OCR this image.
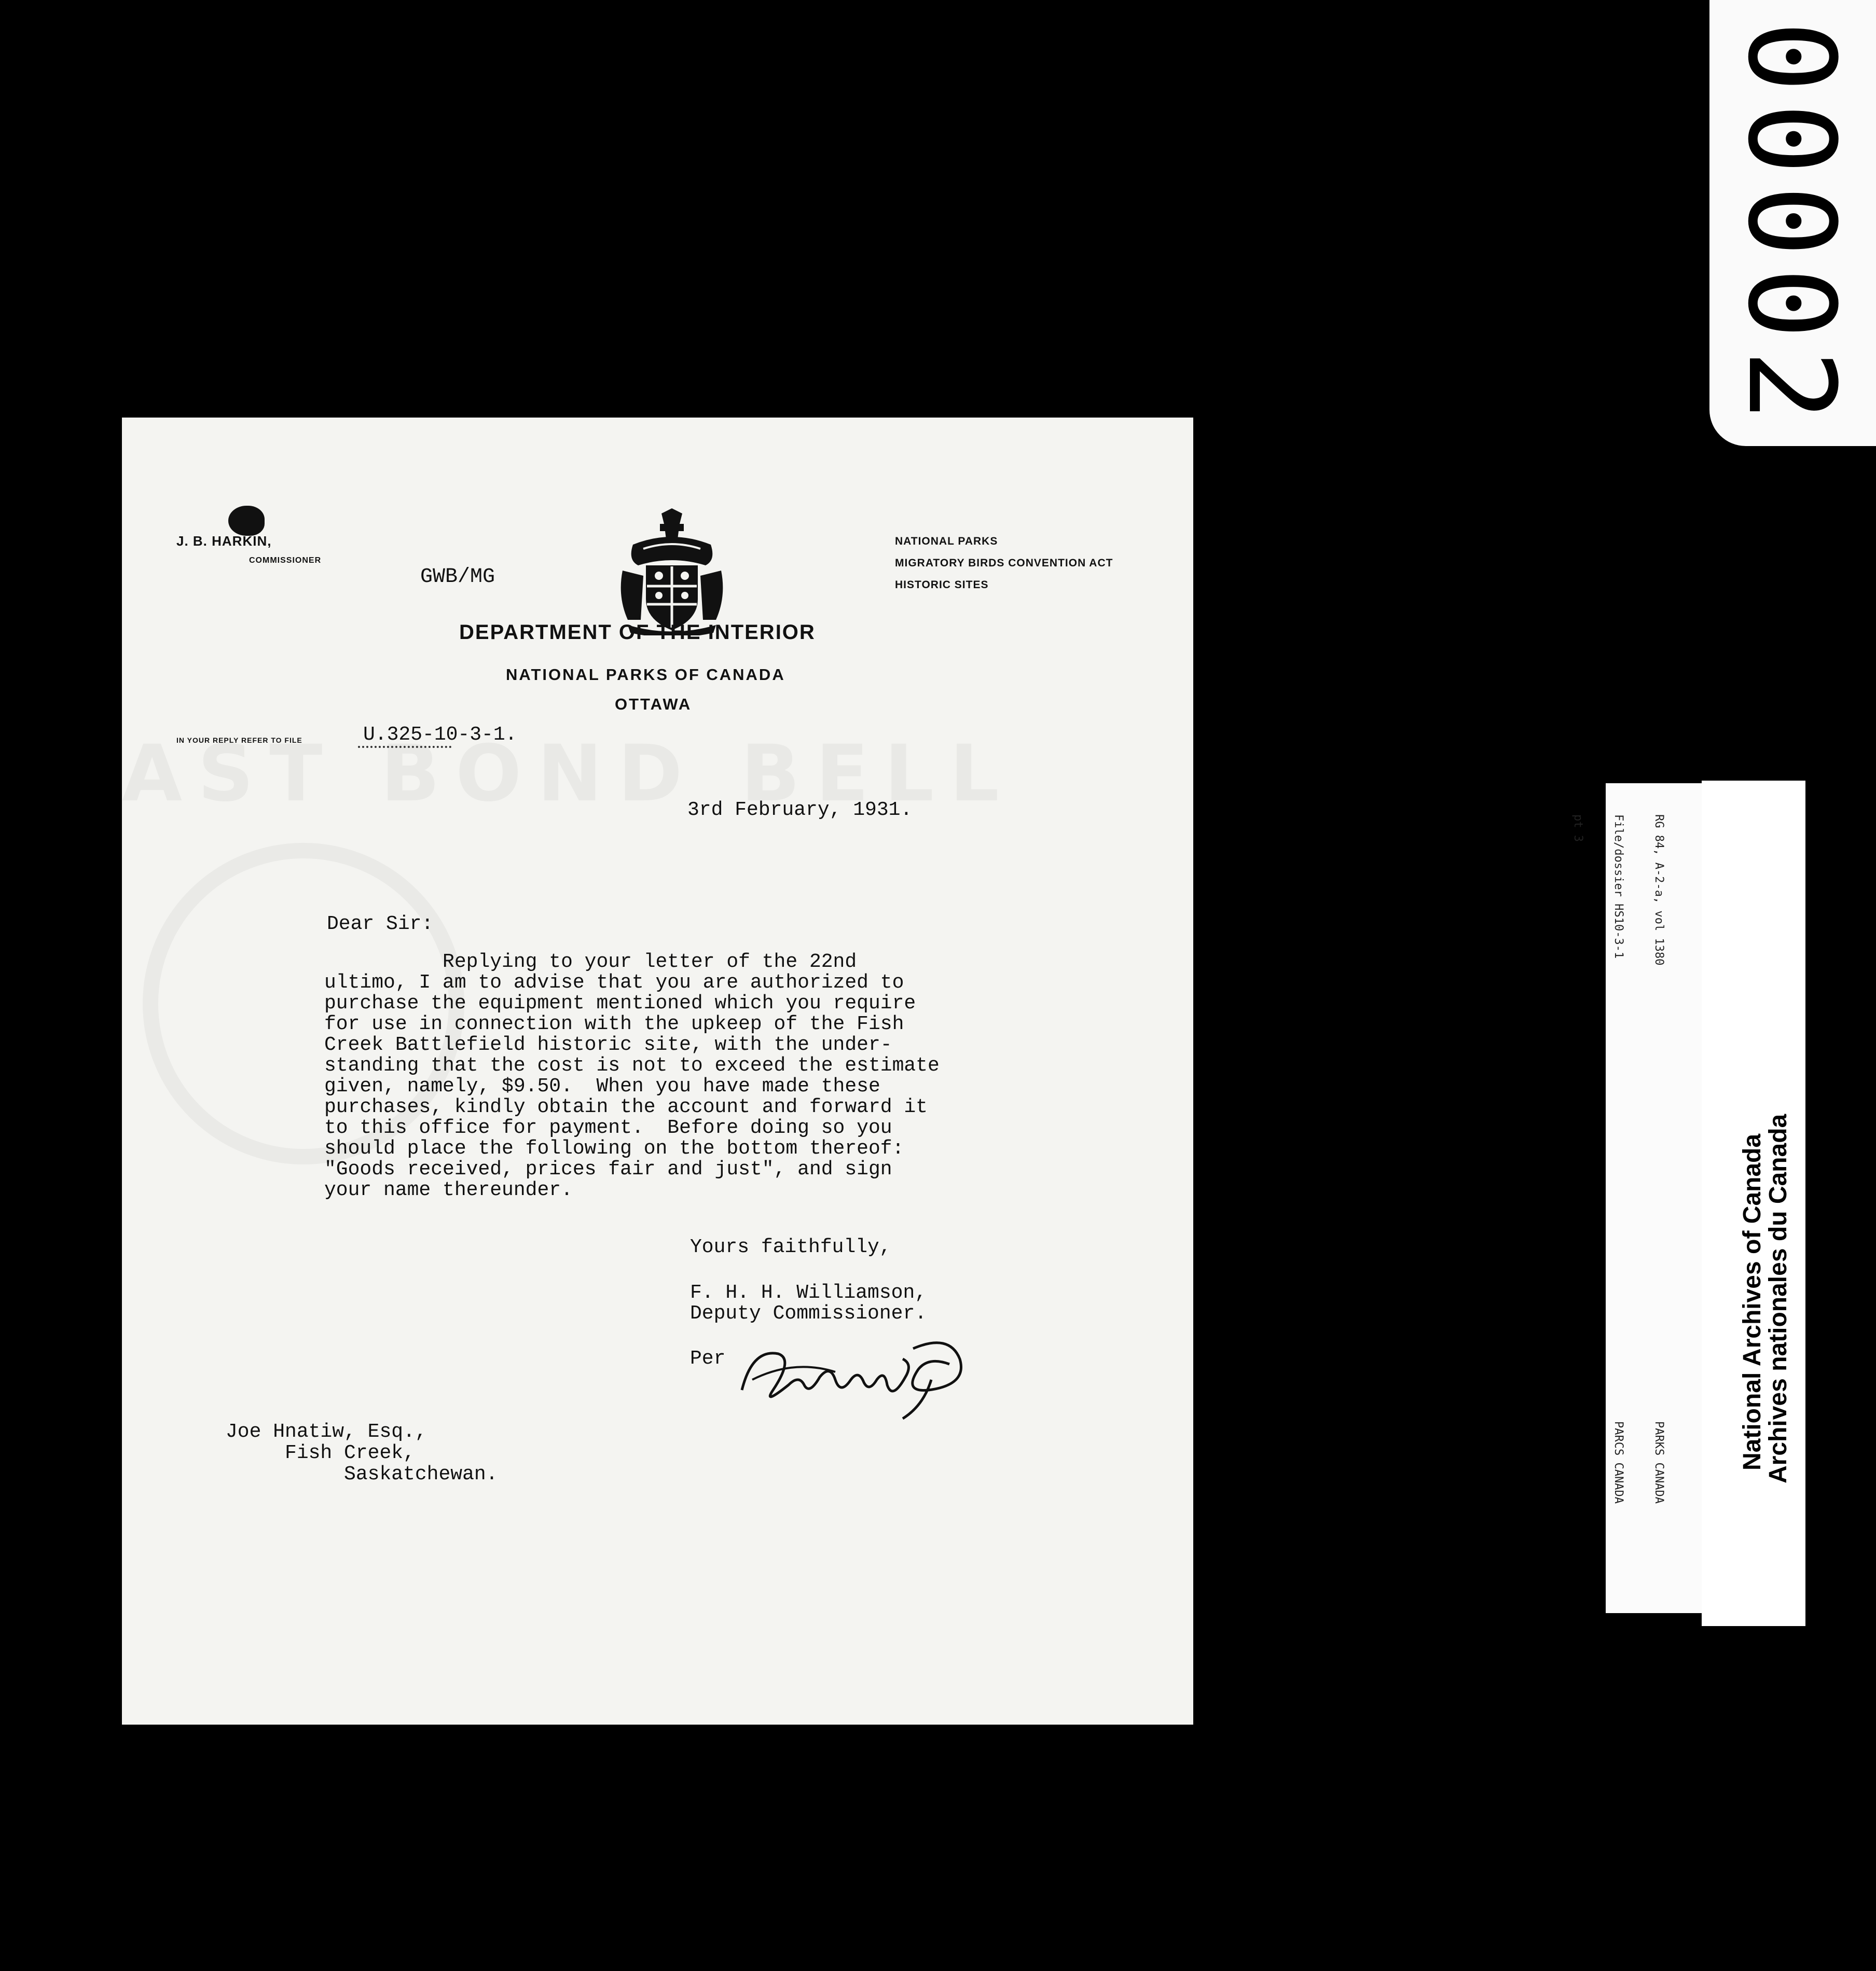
J. B. HARKIN,
COMMISSIONER
GWB/MG
NATIONAL PARKS
MIGRATORY BIRDS CONVENTION ACT
HISTORIC SITES
DEPARTMENT OF THE INTERIOR
NATIONAL PARKS OF CANADA
OTTAWA
IN YOUR REPLY REFER TO FILE	U.325-10-3-1.
3rd February, 1931.
Dear Sir:
Replying to your letter of the 22nd
ultimo, I am to advise that you are authorized to
purchase the equipment mentioned which you require
for use in connection with the upkeep of the Fish
Creek Battlefield historic site, with the under-
standing that the cost is not to exceed the estimate
given, namely, $9.50.  When you have made these
purchases, kindly obtain the account and forward it
to this office for payment.  Before doing so you
should place the following on the bottom thereof:
"Goods received, prices fair and just", and sign
your name thereunder.
Yours faithfully,
F. H. H. Williamson,
Deputy Commissioner.
Per
Joe Hnatiw, Esq.,
Fish Creek,
Saskatchewan.

RG 84, A-2-a, vol 1380

File/dossier HS10-3-1

pt 3

PARKS CANADA

PARCS CANADA

	National Archives of Canada
Archives nationales du Canada
